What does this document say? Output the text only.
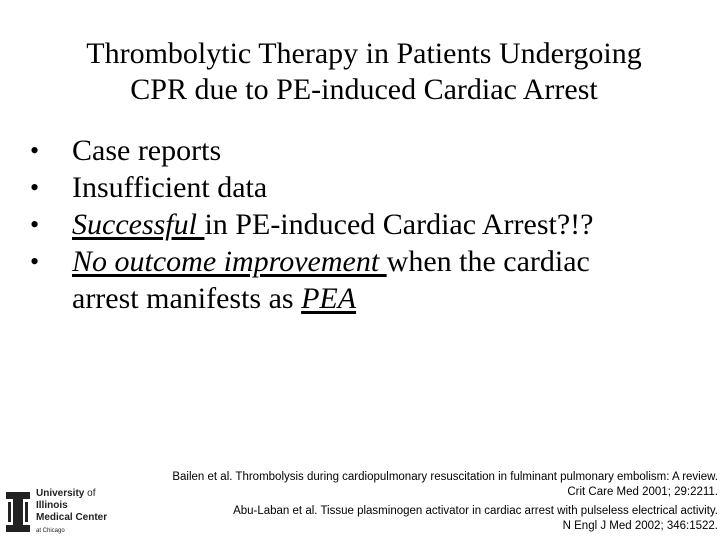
Thrombolytic Therapy in Patients Undergoing
CPR due to PE-induced Cardiac Arrest
• Case reports
• Insufficient data
• Successful in PE-induced Cardiac Arrest?!?
• No outcome improvement when the cardiac
arrest manifests as PEA
Bailen et al. Thrombolysis during cardiopulmonary resuscitation in fulminant pulmonary embolism: A review.
Crit Care Med 2001; 29:2211.
Abu-Laban et al. Tissue plasminogen activator in cardiac arrest with pulseless electrical activity.
N Engl J Med 2002; 346:1522.
University of
Illinois
Medical Center
at Chicago
